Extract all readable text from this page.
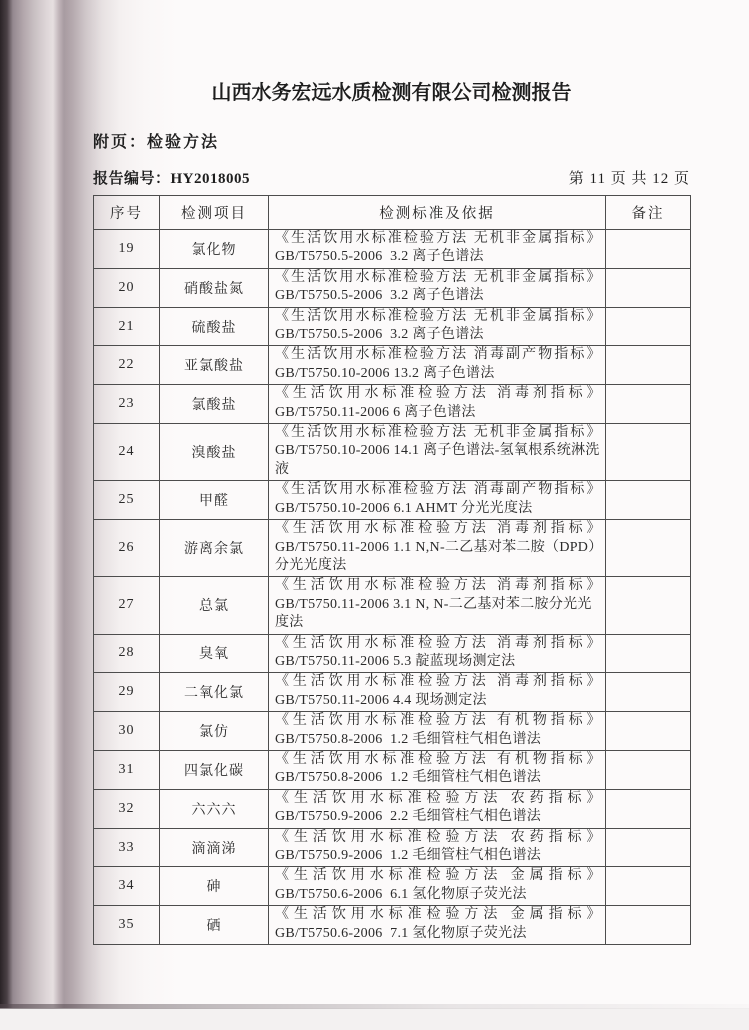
山西水务宏远水质检测有限公司检测报告
附页：检验方法
报告编号：HY2018005	第 11 页 共 12 页
序号	检测项目	检测标准及依据	备注
19	氯化物	《生活饮用水标准检验方法 无机非金属指标》
GB/T5750.5-2006  3.2 离子色谱法	

20	硝酸盐氮	《生活饮用水标准检验方法 无机非金属指标》
GB/T5750.5-2006  3.2 离子色谱法	

21	硫酸盐	《生活饮用水标准检验方法 无机非金属指标》
GB/T5750.5-2006  3.2 离子色谱法	

22	亚氯酸盐	《生活饮用水标准检验方法 消毒副产物指标》
GB/T5750.10-2006 13.2 离子色谱法	

23	氯酸盐	《生活饮用水标准检验方法 消毒剂指标》
GB/T5750.11-2006 6 离子色谱法	

24	溴酸盐	《生活饮用水标准检验方法 无机非金属指标》
GB/T5750.10-2006 14.1 离子色谱法-氢氧根系统淋洗液	

25	甲醛	《生活饮用水标准检验方法 消毒副产物指标》
GB/T5750.10-2006 6.1 AHMT 分光光度法	

26	游离余氯	《生活饮用水标准检验方法 消毒剂指标》
GB/T5750.11-2006 1.1 N,N-二乙基对苯二胺（DPD）分光光度法	

27	总氯	《生活饮用水标准检验方法 消毒剂指标》
GB/T5750.11-2006 3.1 N, N-二乙基对苯二胺分光光度法	

28	臭氧	《生活饮用水标准检验方法 消毒剂指标》
GB/T5750.11-2006 5.3 靛蓝现场测定法	

29	二氧化氯	《生活饮用水标准检验方法 消毒剂指标》
GB/T5750.11-2006 4.4 现场测定法	

30	氯仿	《生活饮用水标准检验方法 有机物指标》
GB/T5750.8-2006  1.2 毛细管柱气相色谱法	

31	四氯化碳	《生活饮用水标准检验方法 有机物指标》
GB/T5750.8-2006  1.2 毛细管柱气相色谱法	

32	六六六	《生活饮用水标准检验方法 农药指标》
GB/T5750.9-2006  2.2 毛细管柱气相色谱法	

33	滴滴涕	《生活饮用水标准检验方法 农药指标》
GB/T5750.9-2006  1.2 毛细管柱气相色谱法	

34	砷	《生活饮用水标准检验方法 金属指标》
GB/T5750.6-2006  6.1 氢化物原子荧光法	

35	硒	《生活饮用水标准检验方法 金属指标》
GB/T5750.6-2006  7.1 氢化物原子荧光法	
